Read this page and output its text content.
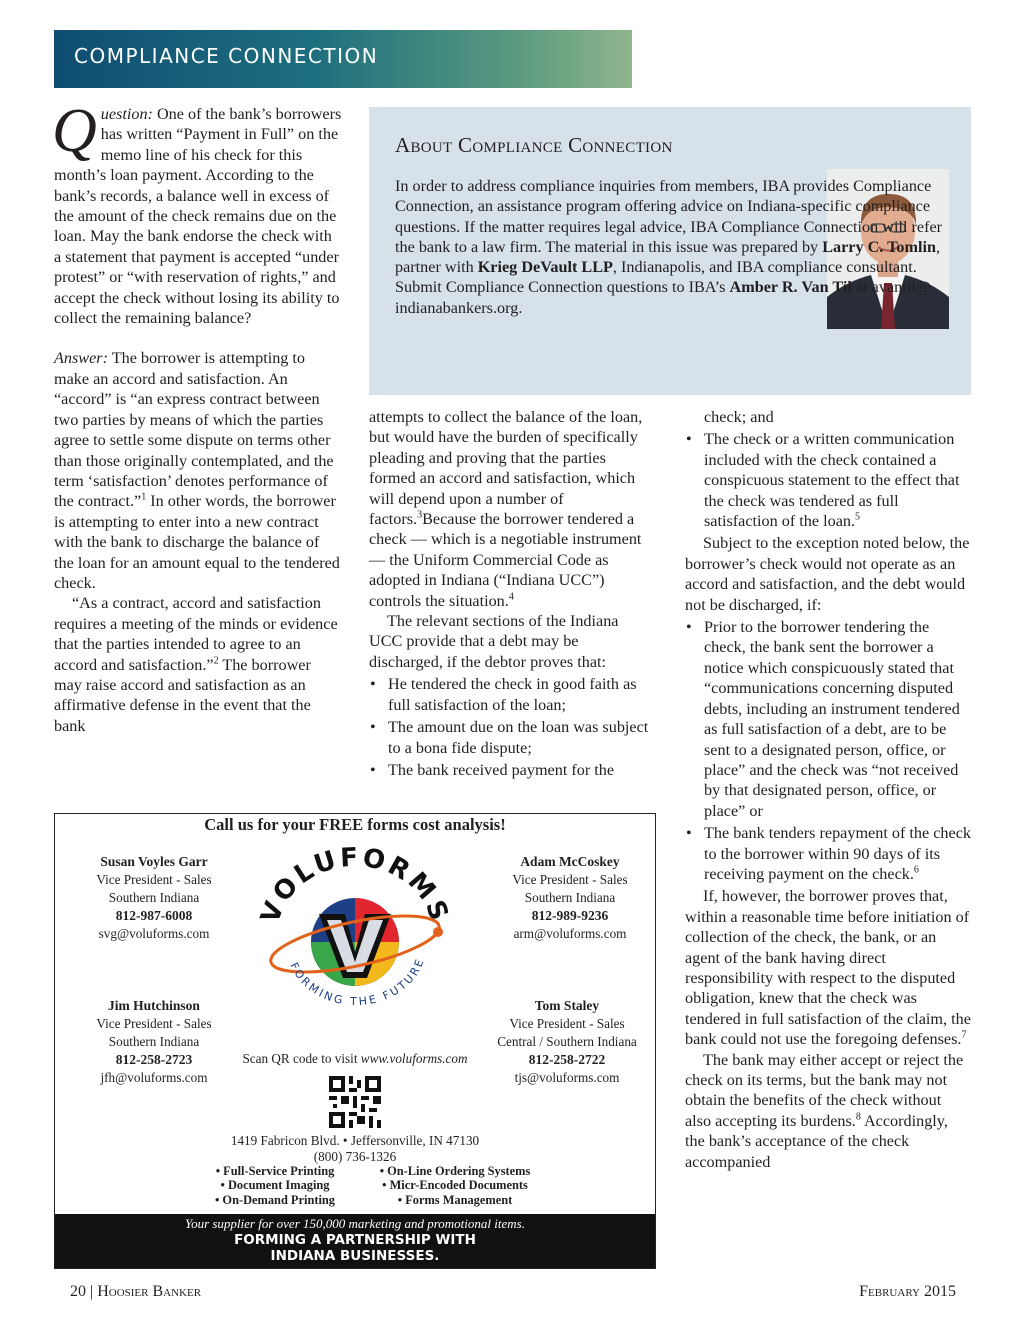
COMPLIANCE CONNECTION

Question: One of the bank’s borrowers has written “Payment in Full” on the memo line of his check for this month’s loan payment. According to the bank’s records, a balance well in excess of the amount of the check remains due on the loan. May the bank endorse the check with a statement that payment is accepted “under protest” or “with reservation of rights,” and accept the check without losing its ability to collect the remaining balance?

Answer: The borrower is attempting to make an accord and satisfaction. An “accord” is “an express contract between two parties by means of which the parties agree to settle some dispute on terms other than those originally contemplated, and the term ‘satisfaction’ denotes performance of the contract.”$^1$ In other words, the borrower is attempting to enter into a new contract with the bank to discharge the balance of the loan for an amount equal to the tendered check.

“As a contract, accord and satisfaction requires a meeting of the minds or evidence that the parties intended to agree to an accord and satisfaction.”$^2$ The borrower may raise accord and satisfaction as an affirmative defense in the event that the bank

About Compliance Connection
In order to address compliance inquiries from members, IBA provides Compliance Connection, an assistance program offering advice on Indiana-specific compliance questions. If the matter requires legal advice, IBA Compliance Connection will refer the bank to a law firm. The material in this issue was prepared by Larry C. Tomlin, partner with Krieg DeVault LLP, Indianapolis, and IBA compliance consultant. Submit Compliance Connection questions to IBA’s Amber R. Van Til at avantil@ indianabankers.org.

attempts to collect the balance of the loan, but would have the burden of specifically pleading and proving that the parties formed an accord and satisfaction, which will depend upon a number of factors.$^3$Because the borrower tendered a check — which is a negotiable instrument — the Uniform Commercial Code as adopted in Indiana (“Indiana UCC”) controls the situation.$^4$

The relevant sections of the Indiana UCC provide that a debt may be discharged, if the debtor proves that:

• He tendered the check in good faith as full satisfaction of the loan;
• The amount due on the loan was subject to a bona fide dispute;
• The bank received payment for the

check; and

• The check or a written communication included with the check contained a conspicuous statement to the effect that the check was tendered as full satisfaction of the loan.$^5$

Subject to the exception noted below, the borrower’s check would not operate as an accord and satisfaction, and the debt would not be discharged, if:

• Prior to the borrower tendering the check, the bank sent the borrower a notice which conspicuously stated that “communications concerning disputed debts, including an instrument tendered as full satisfaction of a debt, are to be sent to a designated person, office, or place” and the check was “not received by that designated person, office, or place” or
• The bank tenders repayment of the check to the borrower within 90 days of its receiving payment on the check.$^6$

If, however, the borrower proves that, within a reasonable time before initiation of collection of the check, the bank, or an agent of the bank having direct responsibility with respect to the disputed obligation, knew that the check was tendered in full satisfaction of the claim, the bank could not use the foregoing defenses.$^7$

The bank may either accept or reject the check on its terms, but the bank may not obtain the benefits of the check without also accepting its burdens.$^8$ Accordingly, the bank’s acceptance of the check accompanied

Call us for your FREE forms cost analysis!
Susan Voyles Garr
Vice President - Sales
Southern Indiana
812-987-6008
svg@voluforms.com
Adam McCoskey
Vice President - Sales
Southern Indiana
812-989-9236
arm@voluforms.com
Jim Hutchinson
Vice President - Sales
Southern Indiana
812-258-2723
jfh@voluforms.com
Tom Staley
Vice President - Sales
Central / Southern Indiana
812-258-2722
tjs@voluforms.com
VOLUFORMS
FORMING THE FUTURE
Scan QR code to visit www.voluforms.com
1419 Fabricon Blvd. • Jeffersonville, IN 47130
(800) 736-1326
• Full-Service Printing
• Document Imaging
• On-Demand Printing
• On-Line Ordering Systems
• Micr-Encoded Documents
• Forms Management
Your supplier for over 150,000 marketing and promotional items.
FORMING A PARTNERSHIP WITH
INDIANA BUSINESSES.
20 | Hoosier Banker	February 2015
